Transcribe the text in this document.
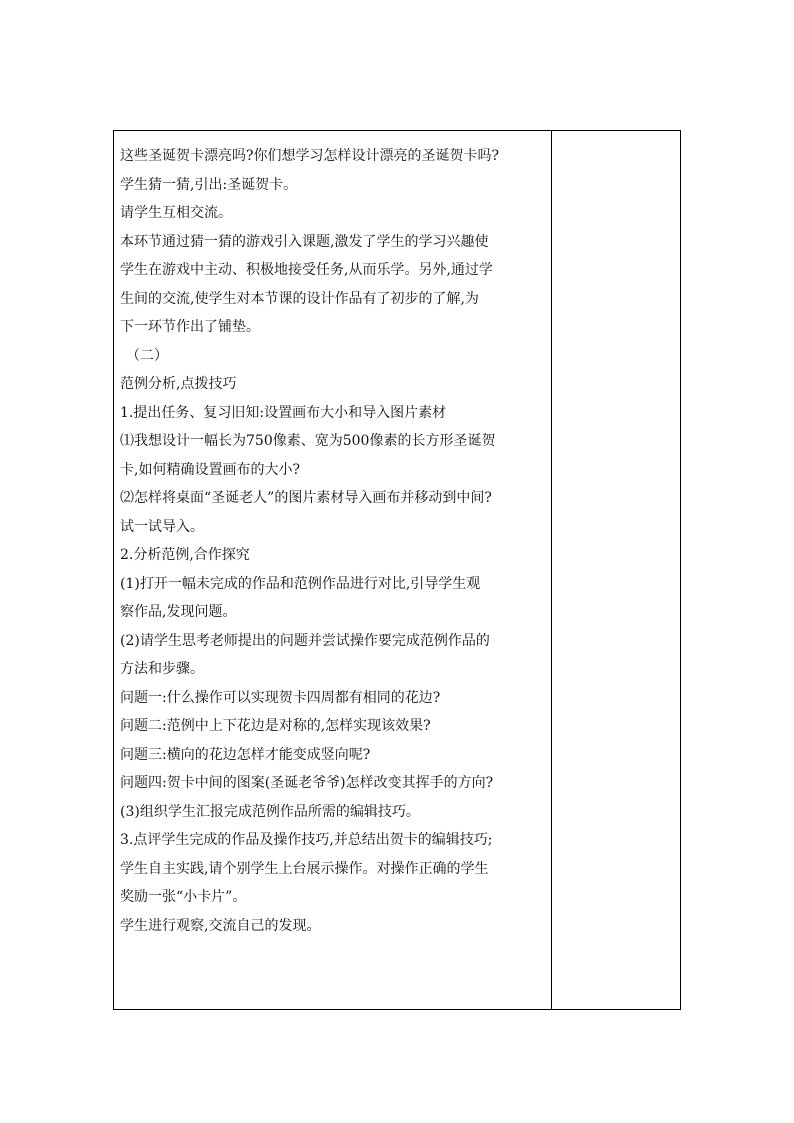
这些圣诞贺卡漂亮吗?你们想学习怎样设计漂亮的圣诞贺卡吗?
学生猜一猜,引出:圣诞贺卡。
请学生互相交流。
本环节通过猜一猜的游戏引入课题,激发了学生的学习兴趣使
学生在游戏中主动、积极地接受任务,从而乐学。另外,通过学
生间的交流,使学生对本节课的设计作品有了初步的了解,为
下一环节作出了铺垫。
（二）
范例分析,点拨技巧
1.提出任务、复习旧知:设置画布大小和导入图片素材
⑴我想设计一幅长为750像素、宽为500像素的长方形圣诞贺
卡,如何精确设置画布的大小?
⑵怎样将桌面“圣诞老人”的图片素材导入画布并移动到中间?
试一试导入。
2.分析范例,合作探究
(1)打开一幅未完成的作品和范例作品进行对比,引导学生观
察作品,发现问题。
(2)请学生思考老师提出的问题并尝试操作要完成范例作品的
方法和步骤。
问题一:什么操作可以实现贺卡四周都有相同的花边?
问题二:范例中上下花边是对称的,怎样实现该效果?
问题三:横向的花边怎样才能变成竖向呢?
问题四:贺卡中间的图案(圣诞老爷爷)怎样改变其挥手的方向?
(3)组织学生汇报完成范例作品所需的编辑技巧。
3.点评学生完成的作品及操作技巧,并总结出贺卡的编辑技巧;
学生自主实践,请个别学生上台展示操作。对操作正确的学生
奖励一张“小卡片”。
学生进行观察,交流自己的发现。
